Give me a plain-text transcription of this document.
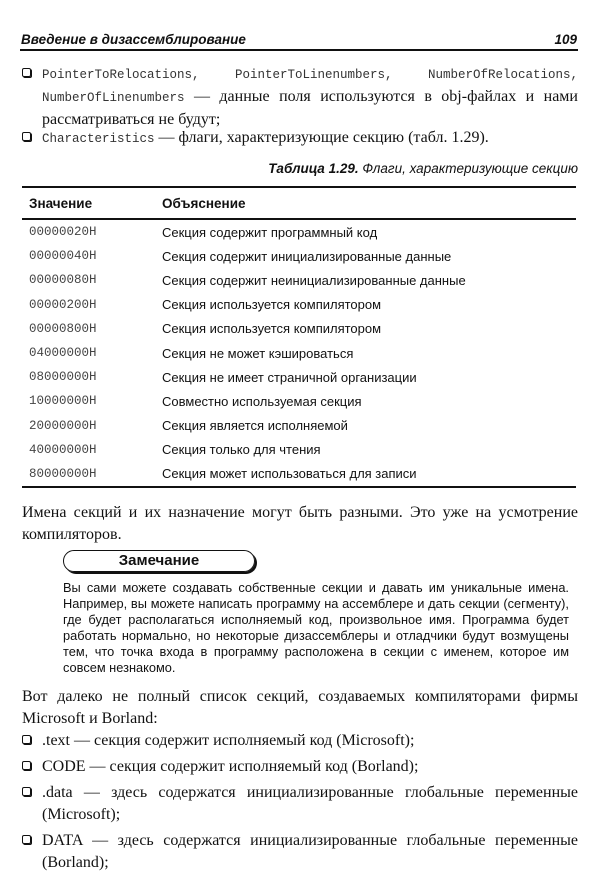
Введение в дизассемблирование	109
PointerToRelocations, PointerToLinenumbers, NumberOfRelocations, NumberOfLinenumbers — данные поля используются в obj-файлах и нами рассматриваться не будут;
Characteristics — флаги, характеризующие секцию (табл. 1.29).
Таблица 1.29. Флаги, характеризующие секцию
Значение	Объяснение
00000020H	Секция содержит программный код
00000040H	Секция содержит инициализированные данные
00000080H	Секция содержит неинициализированные данные
00000200H	Секция используется компилятором
00000800H	Секция используется компилятором
04000000H	Секция не может кэшироваться
08000000H	Секция не имеет страничной организации
10000000H	Совместно используемая секция
20000000H	Секция является исполняемой
40000000H	Секция только для чтения
80000000H	Секция может использоваться для записи
Имена секций и их назначение могут быть разными. Это уже на усмотрение компиляторов.
Замечание
Вы сами можете создавать собственные секции и давать им уникальные имена. Например, вы можете написать программу на ассемблере и дать секции (сегменту), где будет располагаться исполняемый код, произвольное имя. Программа будет работать нормально, но некоторые дизассемблеры и отладчики будут возмущены тем, что точка входа в программу расположена в секции с именем, которое им совсем незнакомо.
Вот далеко не полный список секций, создаваемых компиляторами фирмы Microsoft и Borland:
.text — секция содержит исполняемый код (Microsoft);
CODE — секция содержит исполняемый код (Borland);
.data — здесь содержатся инициализированные глобальные переменные (Microsoft);
DATA — здесь содержатся инициализированные глобальные переменные (Borland);
